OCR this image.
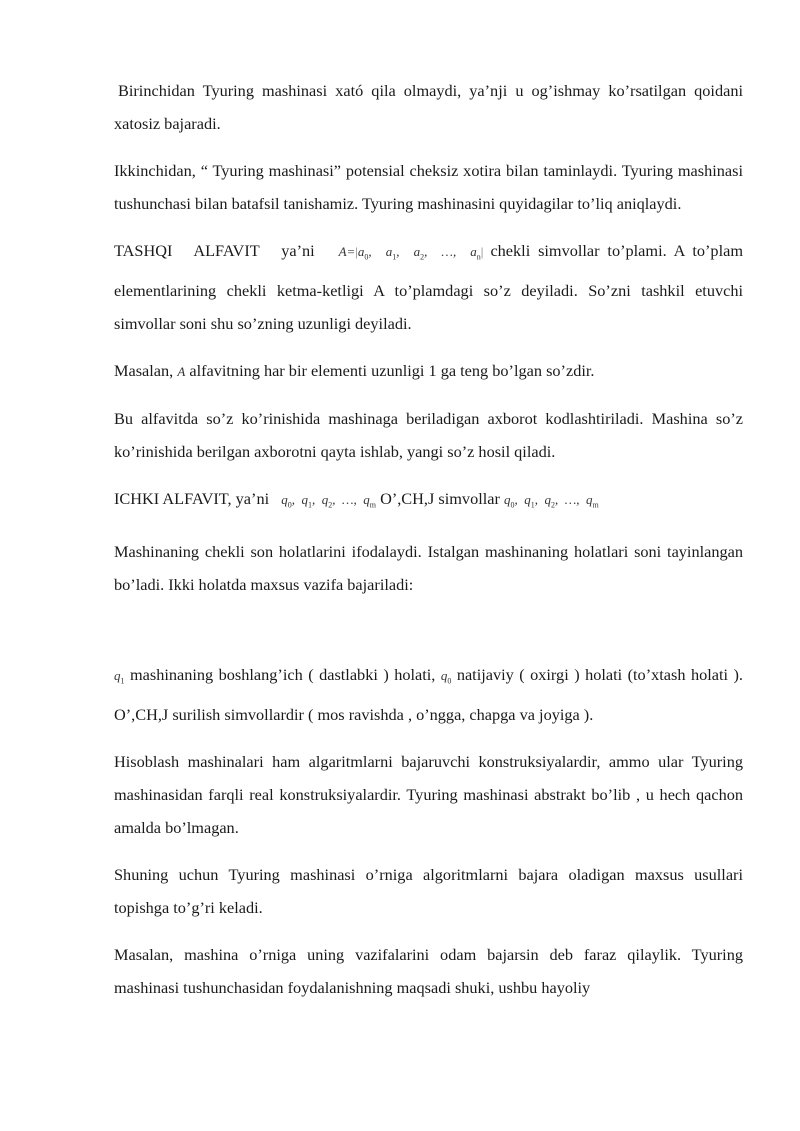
Birinchidan Tyuring mashinasi xató qila olmaydi, ya’nji u og’ishmay ko’rsatilgan qoidani xatosiz bajaradi.

Ikkinchidan, “ Tyuring mashinasi” potensial cheksiz xotira bilan taminlaydi. Tyuring mashinasi tushunchasi bilan batafsil tanishamiz. Tyuring mashinasini quyidagilar to’liq aniqlaydi.

TASHQI ALFAVIT ya’ni $A=|a_0$,  $a_1$,  $a_2$,  …,  $a_n|$ chekli simvollar to’plami. A to’plam elementlarining chekli ketma-ketligi A to’plamdagi so’z deyiladi. So’zni tashkil etuvchi simvollar soni shu so’zning uzunligi deyiladi.

Masalan, A alfavitning har bir elementi uzunligi 1 ga teng bo’lgan so’zdir.

Bu alfavitda so’z ko’rinishida mashinaga beriladigan axborot kodlashtiriladi. Mashina so’z ko’rinishida berilgan axborotni qayta ishlab, yangi so’z hosil qiladi.

ICHKI ALFAVIT, ya’ni $q_0$,  $q_1$,  $q_2$,  …,  $q_m$ O’,CH,J simvollar $q_0$,  $q_1$,  $q_2$,  …,  $q_m$

Mashinaning chekli son holatlarini ifodalaydi. Istalgan mashinaning holatlari soni tayinlangan bo’ladi. Ikki holatda maxsus vazifa bajariladi:

$q_1$ mashinaning boshlang’ich ( dastlabki ) holati, $q_0$ natijaviy ( oxirgi ) holati (to’xtash holati ). O’,CH,J surilish simvollardir ( mos ravishda , o’ngga, chapga va joyiga ).

Hisoblash mashinalari ham algaritmlarni bajaruvchi konstruksiyalardir, ammo ular Tyuring mashinasidan farqli real konstruksiyalardir. Tyuring mashinasi abstrakt bo’lib , u hech qachon amalda bo’lmagan.

Shuning uchun Tyuring mashinasi o’rniga algoritmlarni bajara oladigan maxsus usullari topishga to’g’ri keladi.

Masalan, mashina o’rniga uning vazifalarini odam bajarsin deb faraz qilaylik. Tyuring mashinasi tushunchasidan foydalanishning maqsadi shuki, ushbu hayoliy
